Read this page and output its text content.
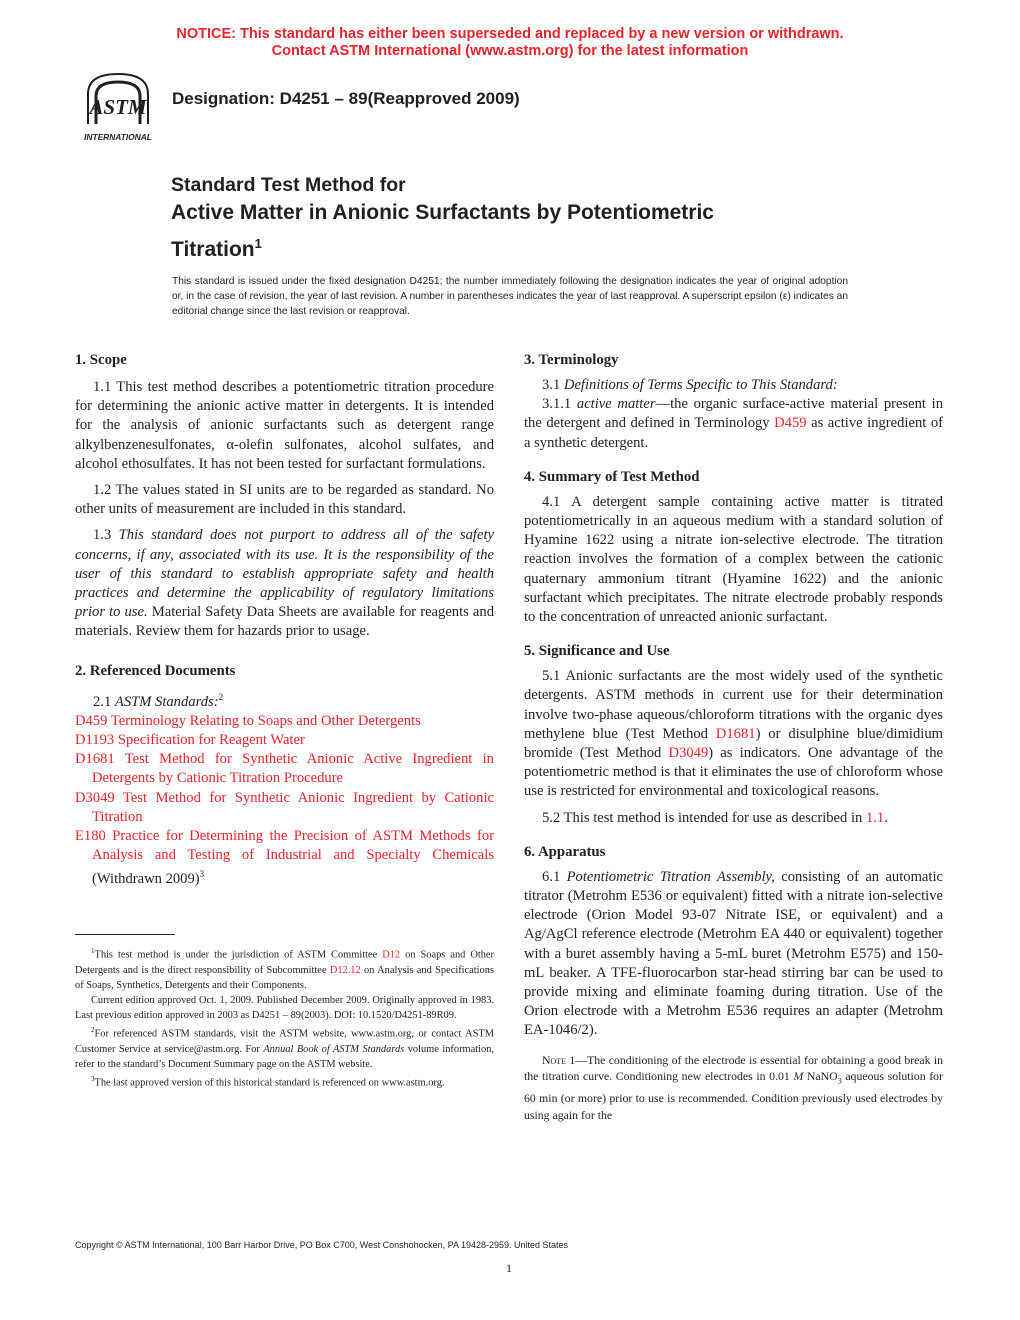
NOTICE: This standard has either been superseded and replaced by a new version or withdrawn.
Contact ASTM International (www.astm.org) for the latest information
ASTM
INTERNATIONAL
Designation: D4251 – 89(Reapproved 2009)
Standard Test Method for
Active Matter in Anionic Surfactants by Potentiometric
Titration$^1$
This standard is issued under the fixed designation D4251; the number immediately following the designation indicates the year of original adoption or, in the case of revision, the year of last revision. A number in parentheses indicates the year of last reapproval. A superscript epsilon (ε) indicates an editorial change since the last revision or reapproval.
1. Scope
1.1 This test method describes a potentiometric titration procedure for determining the anionic active matter in detergents. It is intended for the analysis of anionic surfactants such as detergent range alkylbenzenesulfonates, α-olefin sulfonates, alcohol sulfates, and alcohol ethosulfates. It has not been tested for surfactant formulations.
1.2 The values stated in SI units are to be regarded as standard. No other units of measurement are included in this standard.
1.3 This standard does not purport to address all of the safety concerns, if any, associated with its use. It is the responsibility of the user of this standard to establish appropriate safety and health practices and determine the applicability of regulatory limitations prior to use. Material Safety Data Sheets are available for reagents and materials. Review them for hazards prior to usage.
2. Referenced Documents
2.1 ASTM Standards:$^2$
D459 Terminology Relating to Soaps and Other Detergents
D1193 Specification for Reagent Water
D1681 Test Method for Synthetic Anionic Active Ingredient in Detergents by Cationic Titration Procedure
D3049 Test Method for Synthetic Anionic Ingredient by Cationic Titration
E180 Practice for Determining the Precision of ASTM Methods for Analysis and Testing of Industrial and Specialty Chemicals (Withdrawn 2009)$^3$
$^1$This test method is under the jurisdiction of ASTM Committee D12 on Soaps and Other Detergents and is the direct responsibility of Subcommittee D12.12 on Analysis and Specifications of Soaps, Synthetics, Detergents and their Components.
Current edition approved Oct. 1, 2009. Published December 2009. Originally approved in 1983. Last previous edition approved in 2003 as D4251 – 89(2003). DOI: 10.1520/D4251-89R09.
$^2$For referenced ASTM standards, visit the ASTM website, www.astm.org, or contact ASTM Customer Service at service@astm.org. For Annual Book of ASTM Standards volume information, refer to the standard’s Document Summary page on the ASTM website.
$^3$The last approved version of this historical standard is referenced on www.astm.org.
3. Terminology
3.1 Definitions of Terms Specific to This Standard:
3.1.1 active matter—the organic surface-active material present in the detergent and defined in Terminology D459 as active ingredient of a synthetic detergent.
4. Summary of Test Method
4.1 A detergent sample containing active matter is titrated potentiometrically in an aqueous medium with a standard solution of Hyamine 1622 using a nitrate ion-selective electrode. The titration reaction involves the formation of a complex between the cationic quaternary ammonium titrant (Hyamine 1622) and the anionic surfactant which precipitates. The nitrate electrode probably responds to the concentration of unreacted anionic surfactant.
5. Significance and Use
5.1 Anionic surfactants are the most widely used of the synthetic detergents. ASTM methods in current use for their determination involve two-phase aqueous/chloroform titrations with the organic dyes methylene blue (Test Method D1681) or disulphine blue/dimidium bromide (Test Method D3049) as indicators. One advantage of the potentiometric method is that it eliminates the use of chloroform whose use is restricted for environmental and toxicological reasons.
5.2 This test method is intended for use as described in 1.1.
6. Apparatus
6.1 Potentiometric Titration Assembly, consisting of an automatic titrator (Metrohm E536 or equivalent) fitted with a nitrate ion-selective electrode (Orion Model 93-07 Nitrate ISE, or equivalent) and a Ag/AgCl reference electrode (Metrohm EA 440 or equivalent) together with a buret assembly having a 5-mL buret (Metrohm E575) and 150-mL beaker. A TFE-fluorocarbon star-head stirring bar can be used to provide mixing and eliminate foaming during titration. Use of the Orion electrode with a Metrohm E536 requires an adapter (Metrohm EA-1046/2).
Note 1—The conditioning of the electrode is essential for obtaining a good break in the titration curve. Conditioning new electrodes in 0.01 M NaNO$_3$ aqueous solution for 60 min (or more) prior to use is recommended. Condition previously used electrodes by using again for the
Copyright © ASTM International, 100 Barr Harbor Drive, PO Box C700, West Conshohocken, PA 19428-2959. United States
1
